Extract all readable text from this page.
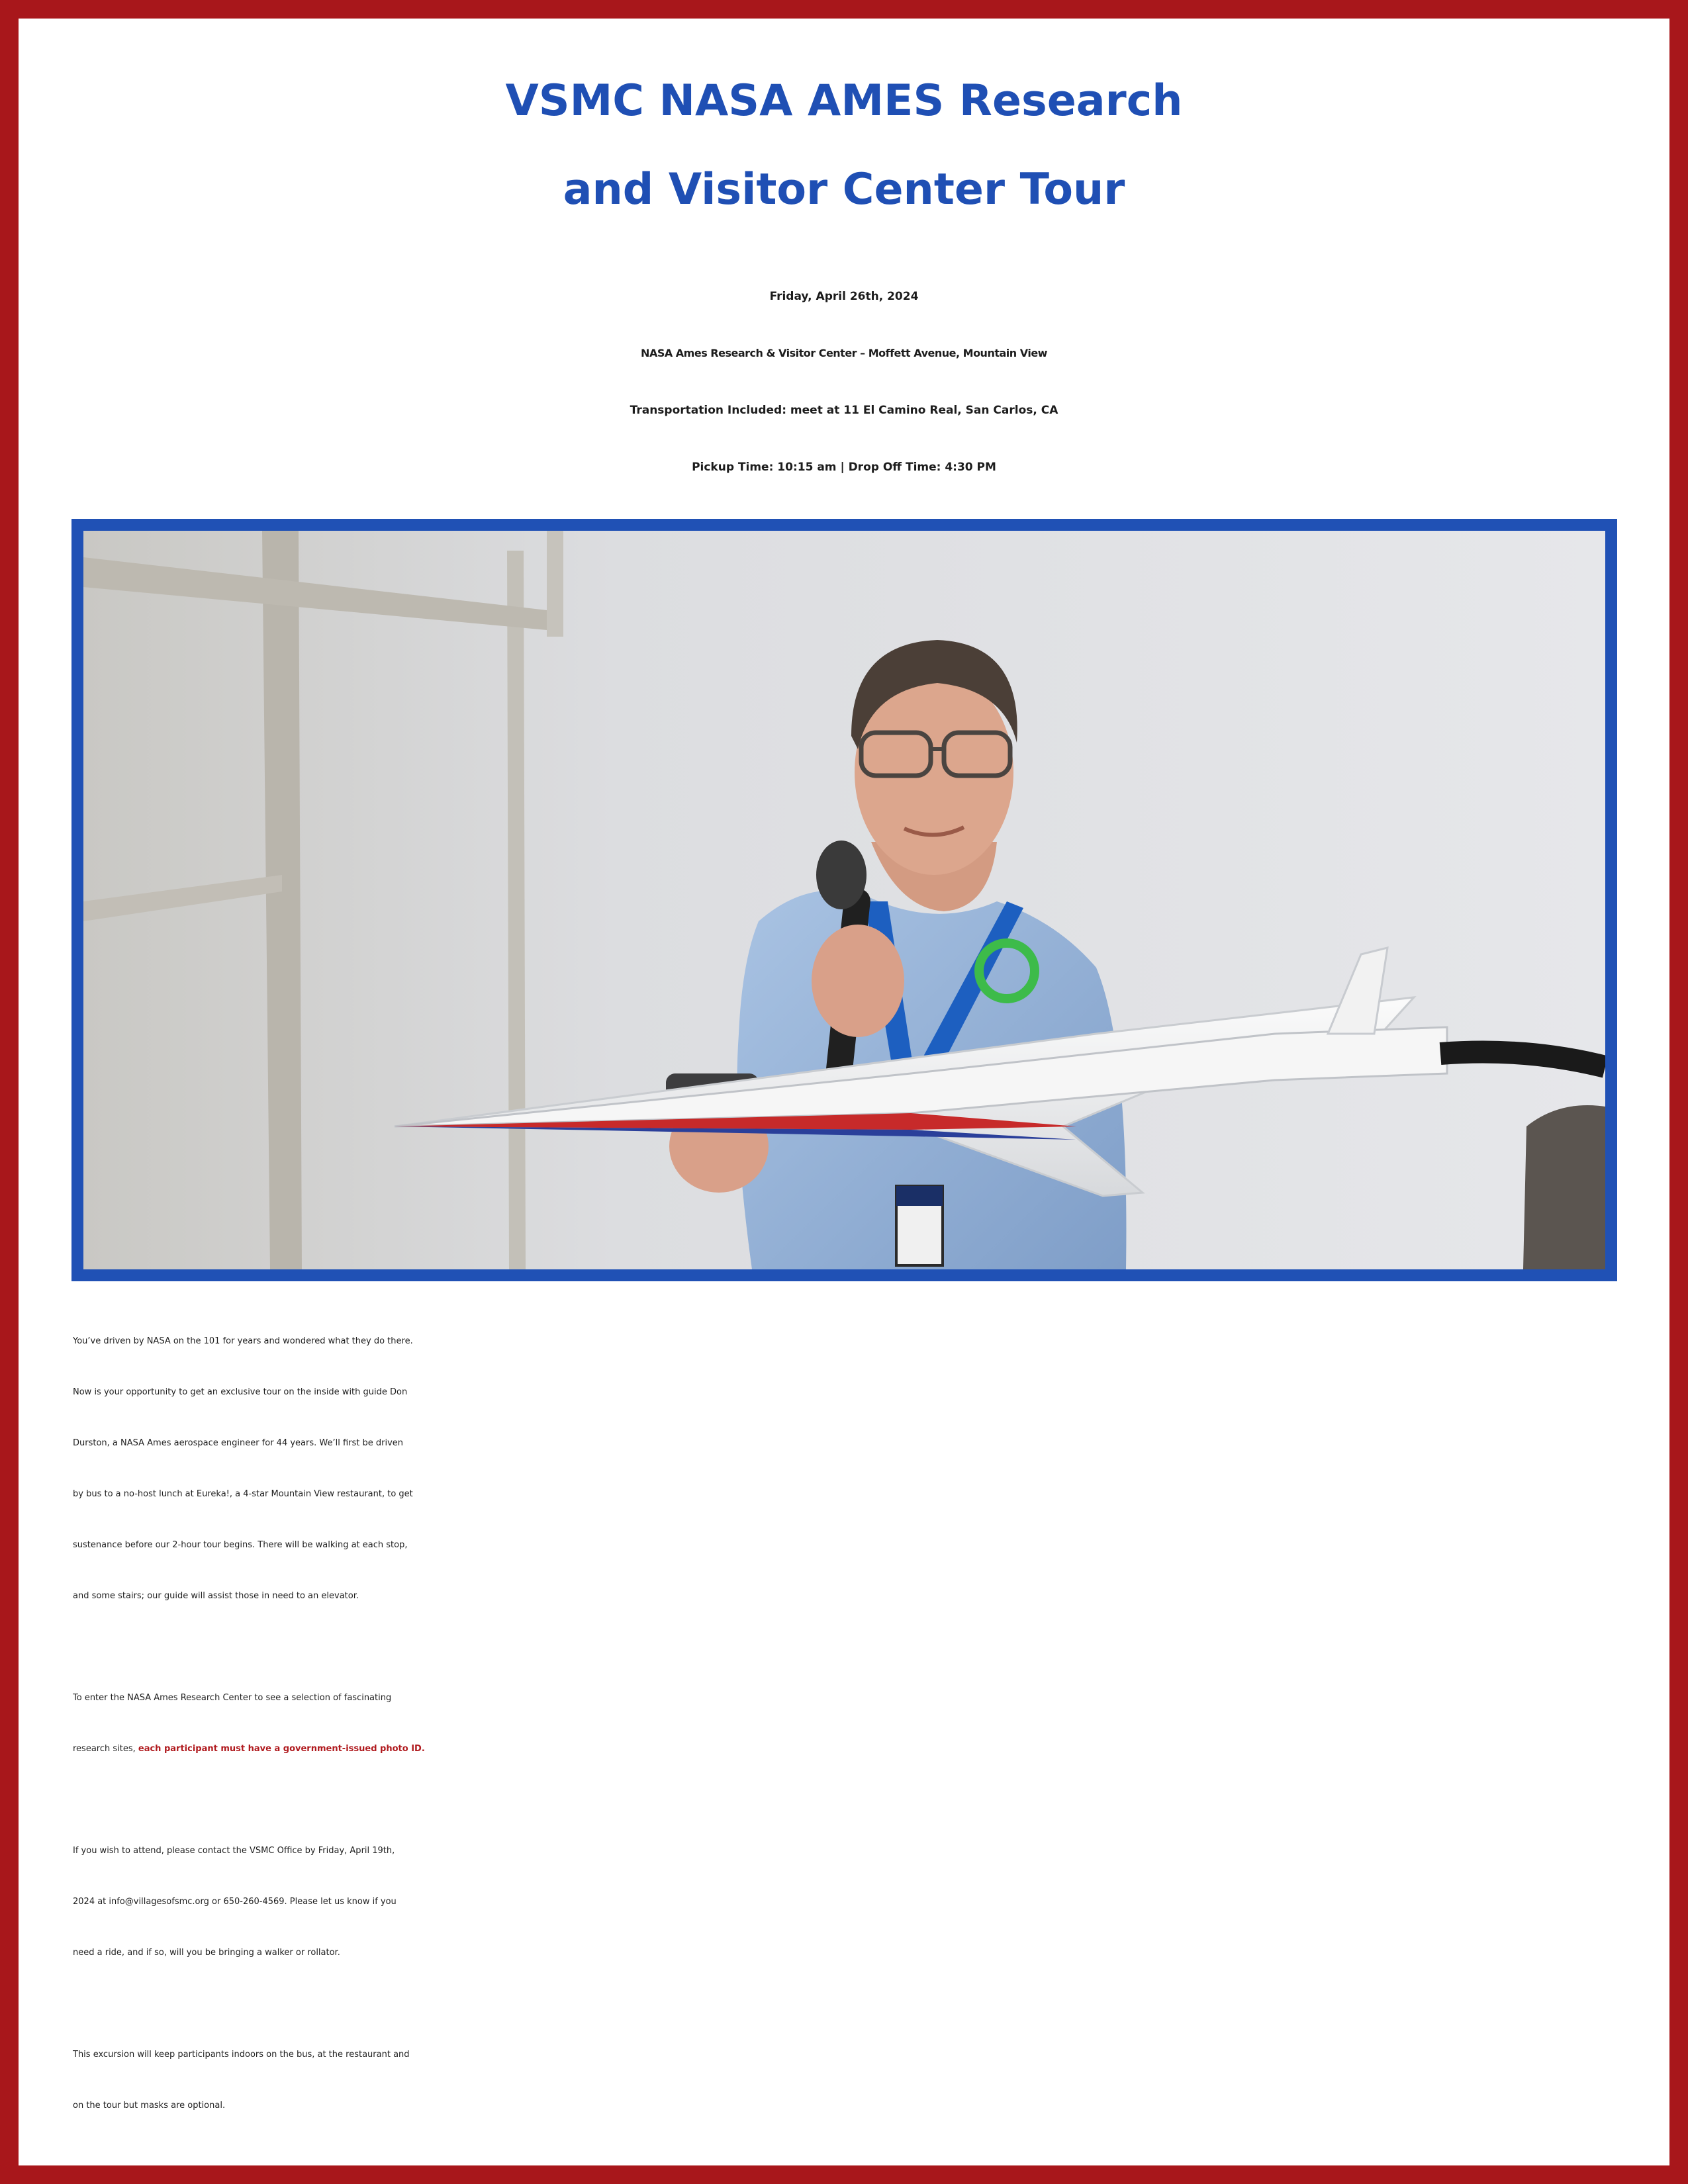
VSMC NASA AMES Research
and Visitor Center Tour
Friday, April 26th, 2024
NASA Ames Research & Visitor Center – Moffett Avenue, Mountain View
Transportation Included: meet at 11 El Camino Real, San Carlos, CA
Pickup Time: 10:15 am | Drop Off Time: 4:30 PM

You’ve driven by NASA on the 101 for years and wondered what they do there.
Now is your opportunity to get an exclusive tour on the inside with guide Don
Durston, a NASA Ames aerospace engineer for 44 years. We’ll first be driven
by bus to a no-host lunch at Eureka!, a 4-star Mountain View restaurant, to get
sustenance before our 2-hour tour begins. There will be walking at each stop,
and some stairs; our guide will assist those in need to an elevator.

To enter the NASA Ames Research Center to see a selection of fascinating
research sites, each participant must have a government-issued photo ID.

If you wish to attend, please contact the VSMC Office by Friday, April 19th,
2024 at info@villagesofsmc.org or 650-260-4569. Please let us know if you
need a ride, and if so, will you be bringing a walker or rollator.

This excursion will keep participants indoors on the bus, at the restaurant and
on the tour but masks are optional.
